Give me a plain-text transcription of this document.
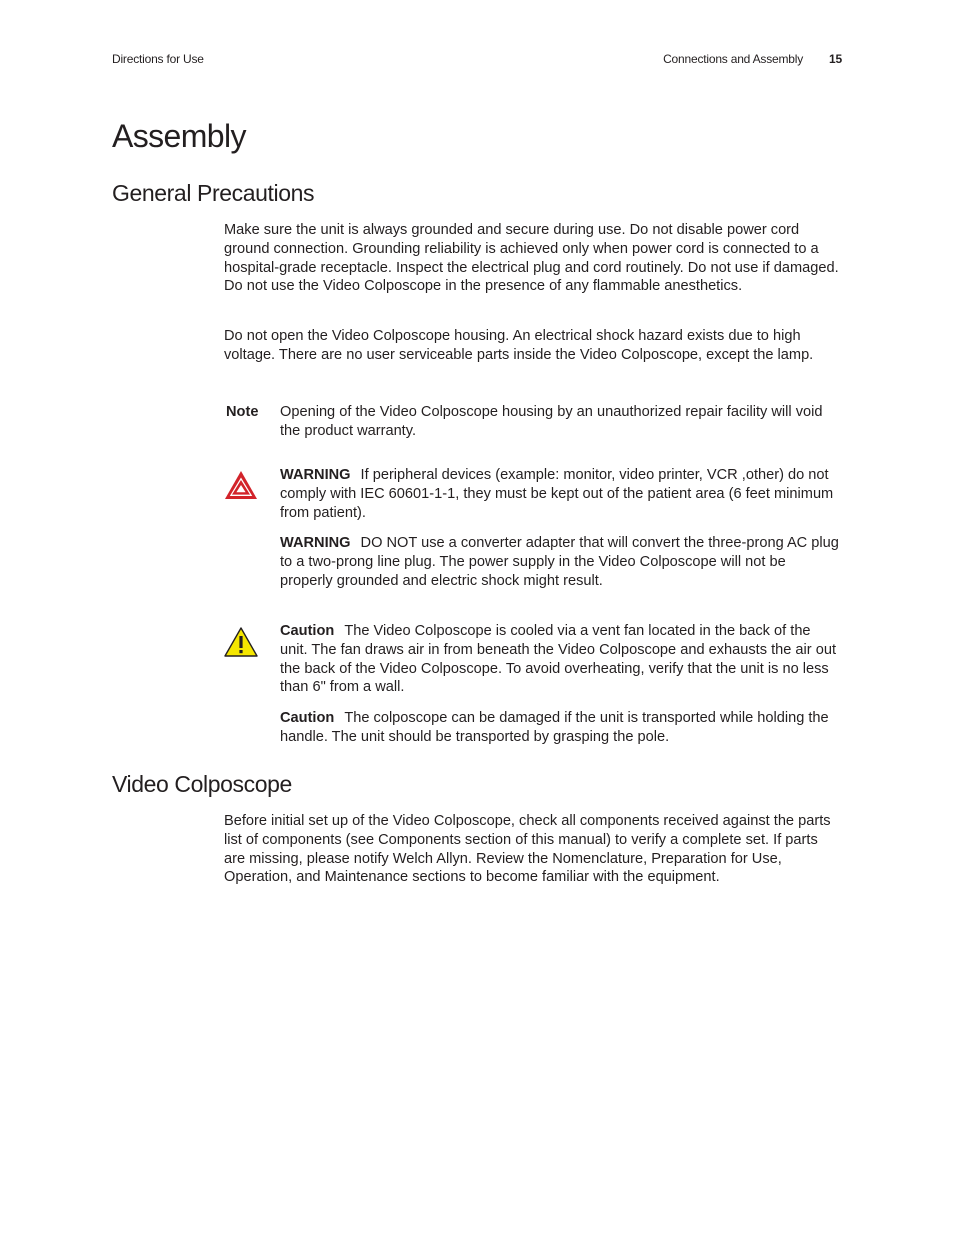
Directions for Use	Connections and Assembly 15
Assembly
General Precautions

Make sure the unit is always grounded and secure during use. Do not disable power cord ground connection. Grounding reliability is achieved only when power cord is connected to a hospital-grade receptacle. Inspect the electrical plug and cord routinely. Do not use if damaged. Do not use the Video Colposcope in the presence of any flammable anesthetics.

Do not open the Video Colposcope housing. An electrical shock hazard exists due to high voltage. There are no user serviceable parts inside the Video Colposcope, except the lamp.

Note Opening of the Video Colposcope housing by an unauthorized repair facility will void the product warranty.

WARNING If peripheral devices (example: monitor, video printer, VCR ,other) do not comply with IEC 60601-1-1, they must be kept out of the patient area (6 feet minimum from patient).

WARNING DO NOT use a converter adapter that will convert the three-prong AC plug to a two-prong line plug. The power supply in the Video Colposcope will not be properly grounded and electric shock might result.

Caution The Video Colposcope is cooled via a vent fan located in the back of the unit. The fan draws air in from beneath the Video Colposcope and exhausts the air out the back of the Video Colposcope. To avoid overheating, verify that the unit is no less than 6" from a wall.

Caution The colposcope can be damaged if the unit is transported while holding the handle. The unit should be transported by grasping the pole.

Video Colposcope

Before initial set up of the Video Colposcope, check all components received against the parts list of components (see Components section of this manual) to verify a complete set. If parts are missing, please notify Welch Allyn. Review the Nomenclature, Preparation for Use, Operation, and Maintenance sections to become familiar with the equipment.
